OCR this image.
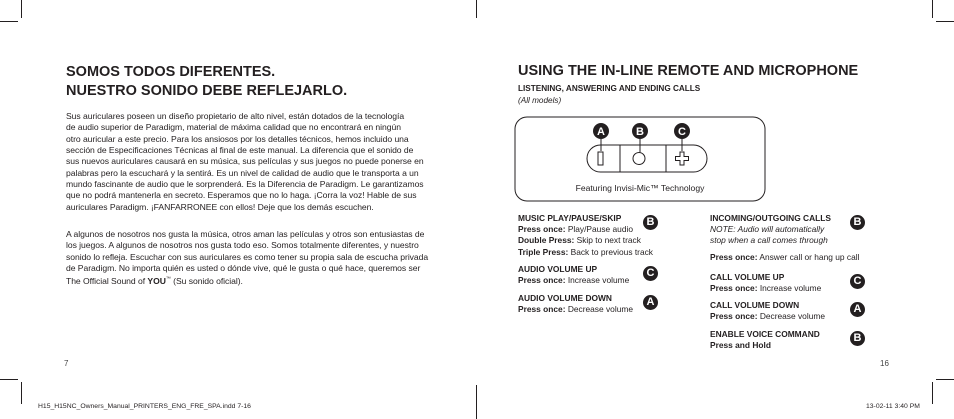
SOMOS TODOS DIFERENTES.
NUESTRO SONIDO DEBE REFLEJARLO.

Sus auriculares poseen un diseño propietario de alto nivel, están dotados de la tecnología
de audio superior de Paradigm, material de máxima calidad que no encontrará en ningún
otro auricular a este precio. Para los ansiosos por los detalles técnicos, hemos incluido una
sección de Especificaciones Técnicas al final de este manual. La diferencia que el sonido de
sus nuevos auriculares causará en su música, sus películas y sus juegos no puede ponerse en
palabras pero la escuchará y la sentirá. Es un nivel de calidad de audio que le transporta a un
mundo fascinante de audio que le sorprenderá. Es la Diferencia de Paradigm. Le garantizamos
que no podrá mantenerla en secreto. Esperamos que no lo haga. ¡Corra la voz! Hable de sus
auriculares Paradigm. ¡FANFARRONEE con ellos! Deje que los demás escuchen.

A algunos de nosotros nos gusta la música, otros aman las películas y otros son entusiastas de
los juegos. A algunos de nosotros nos gusta todo eso. Somos totalmente diferentes, y nuestro
sonido lo refleja. Escuchar con sus auriculares es como tener su propia sala de escucha privada
de Paradigm. No importa quién es usted o dónde vive, qué le gusta o qué hace, queremos ser
The Official Sound of YOU™ (Su sonido oficial).

7
USING THE IN-LINE REMOTE AND MICROPHONE
LISTENING, ANSWERING AND ENDING CALLS
(All models)
A	B	C
Featuring Invisi-Mic™ Technology
MUSIC PLAY/PAUSE/SKIP
Press once: Play/Pause audio
Double Press: Skip to next track
Triple Press: Back to previous track
B
AUDIO VOLUME UP
Press once: Increase volume
C
AUDIO VOLUME DOWN
Press once: Decrease volume
A
INCOMING/OUTGOING CALLS
NOTE: Audio will automatically
stop when a call comes through
Press once: Answer call or hang up call
B
CALL VOLUME UP
Press once: Increase volume
C
CALL VOLUME DOWN
Press once: Decrease volume
A
ENABLE VOICE COMMAND
Press and Hold
B
16
H15_H15NC_Owners_Manual_PRINTERS_ENG_FRE_SPA.indd 7-16	13-02-11 3:40 PM
